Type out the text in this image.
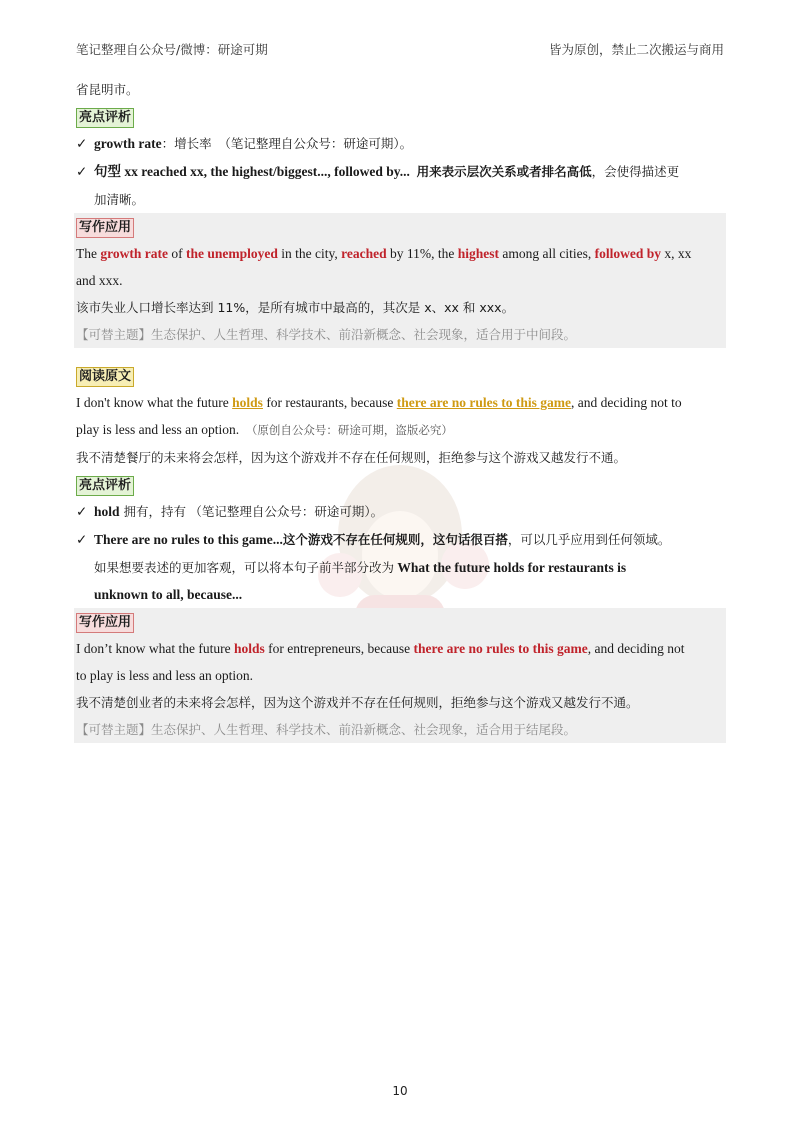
笔记整理自公众号/微博：研途可期	皆为原创，禁止二次搬运与商用
省昆明市。
亮点评析
✓ growth rate：增长率 （笔记整理自公众号：研途可期）。
✓ 句型 xx reached xx, the highest/biggest..., followed by... 用来表示层次关系或者排名高低，会使得描述更
加清晰。
写作应用
The growth rate of the unemployed in the city, reached by 11%, the highest among all cities, followed by x, xx
and xxx.
该市失业人口增长率达到 11%，是所有城市中最高的，其次是 x、xx 和 xxx。
【可替主题】生态保护、人生哲理、科学技术、前沿新概念、社会现象，适合用于中间段。
阅读原文
I don't know what the future holds for restaurants, because there are no rules to this game, and deciding not to
play is less and less an option. （原创自公众号：研途可期，盗版必究）
我不清楚餐厅的未来将会怎样，因为这个游戏并不存在任何规则，拒绝参与这个游戏又越发行不通。
亮点评析
✓ hold 拥有，持有 （笔记整理自公众号：研途可期）。
✓ There are no rules to this game...这个游戏不存在任何规则，这句话很百搭，可以几乎应用到任何领域。
如果想要表述的更加客观，可以将本句子前半部分改为 What the future holds for restaurants is
unknown to all, because...
写作应用
I don’t know what the future holds for entrepreneurs, because there are no rules to this game, and deciding not
to play is less and less an option.
我不清楚创业者的未来将会怎样，因为这个游戏并不存在任何规则，拒绝参与这个游戏又越发行不通。
【可替主题】生态保护、人生哲理、科学技术、前沿新概念、社会现象，适合用于结尾段。
10
